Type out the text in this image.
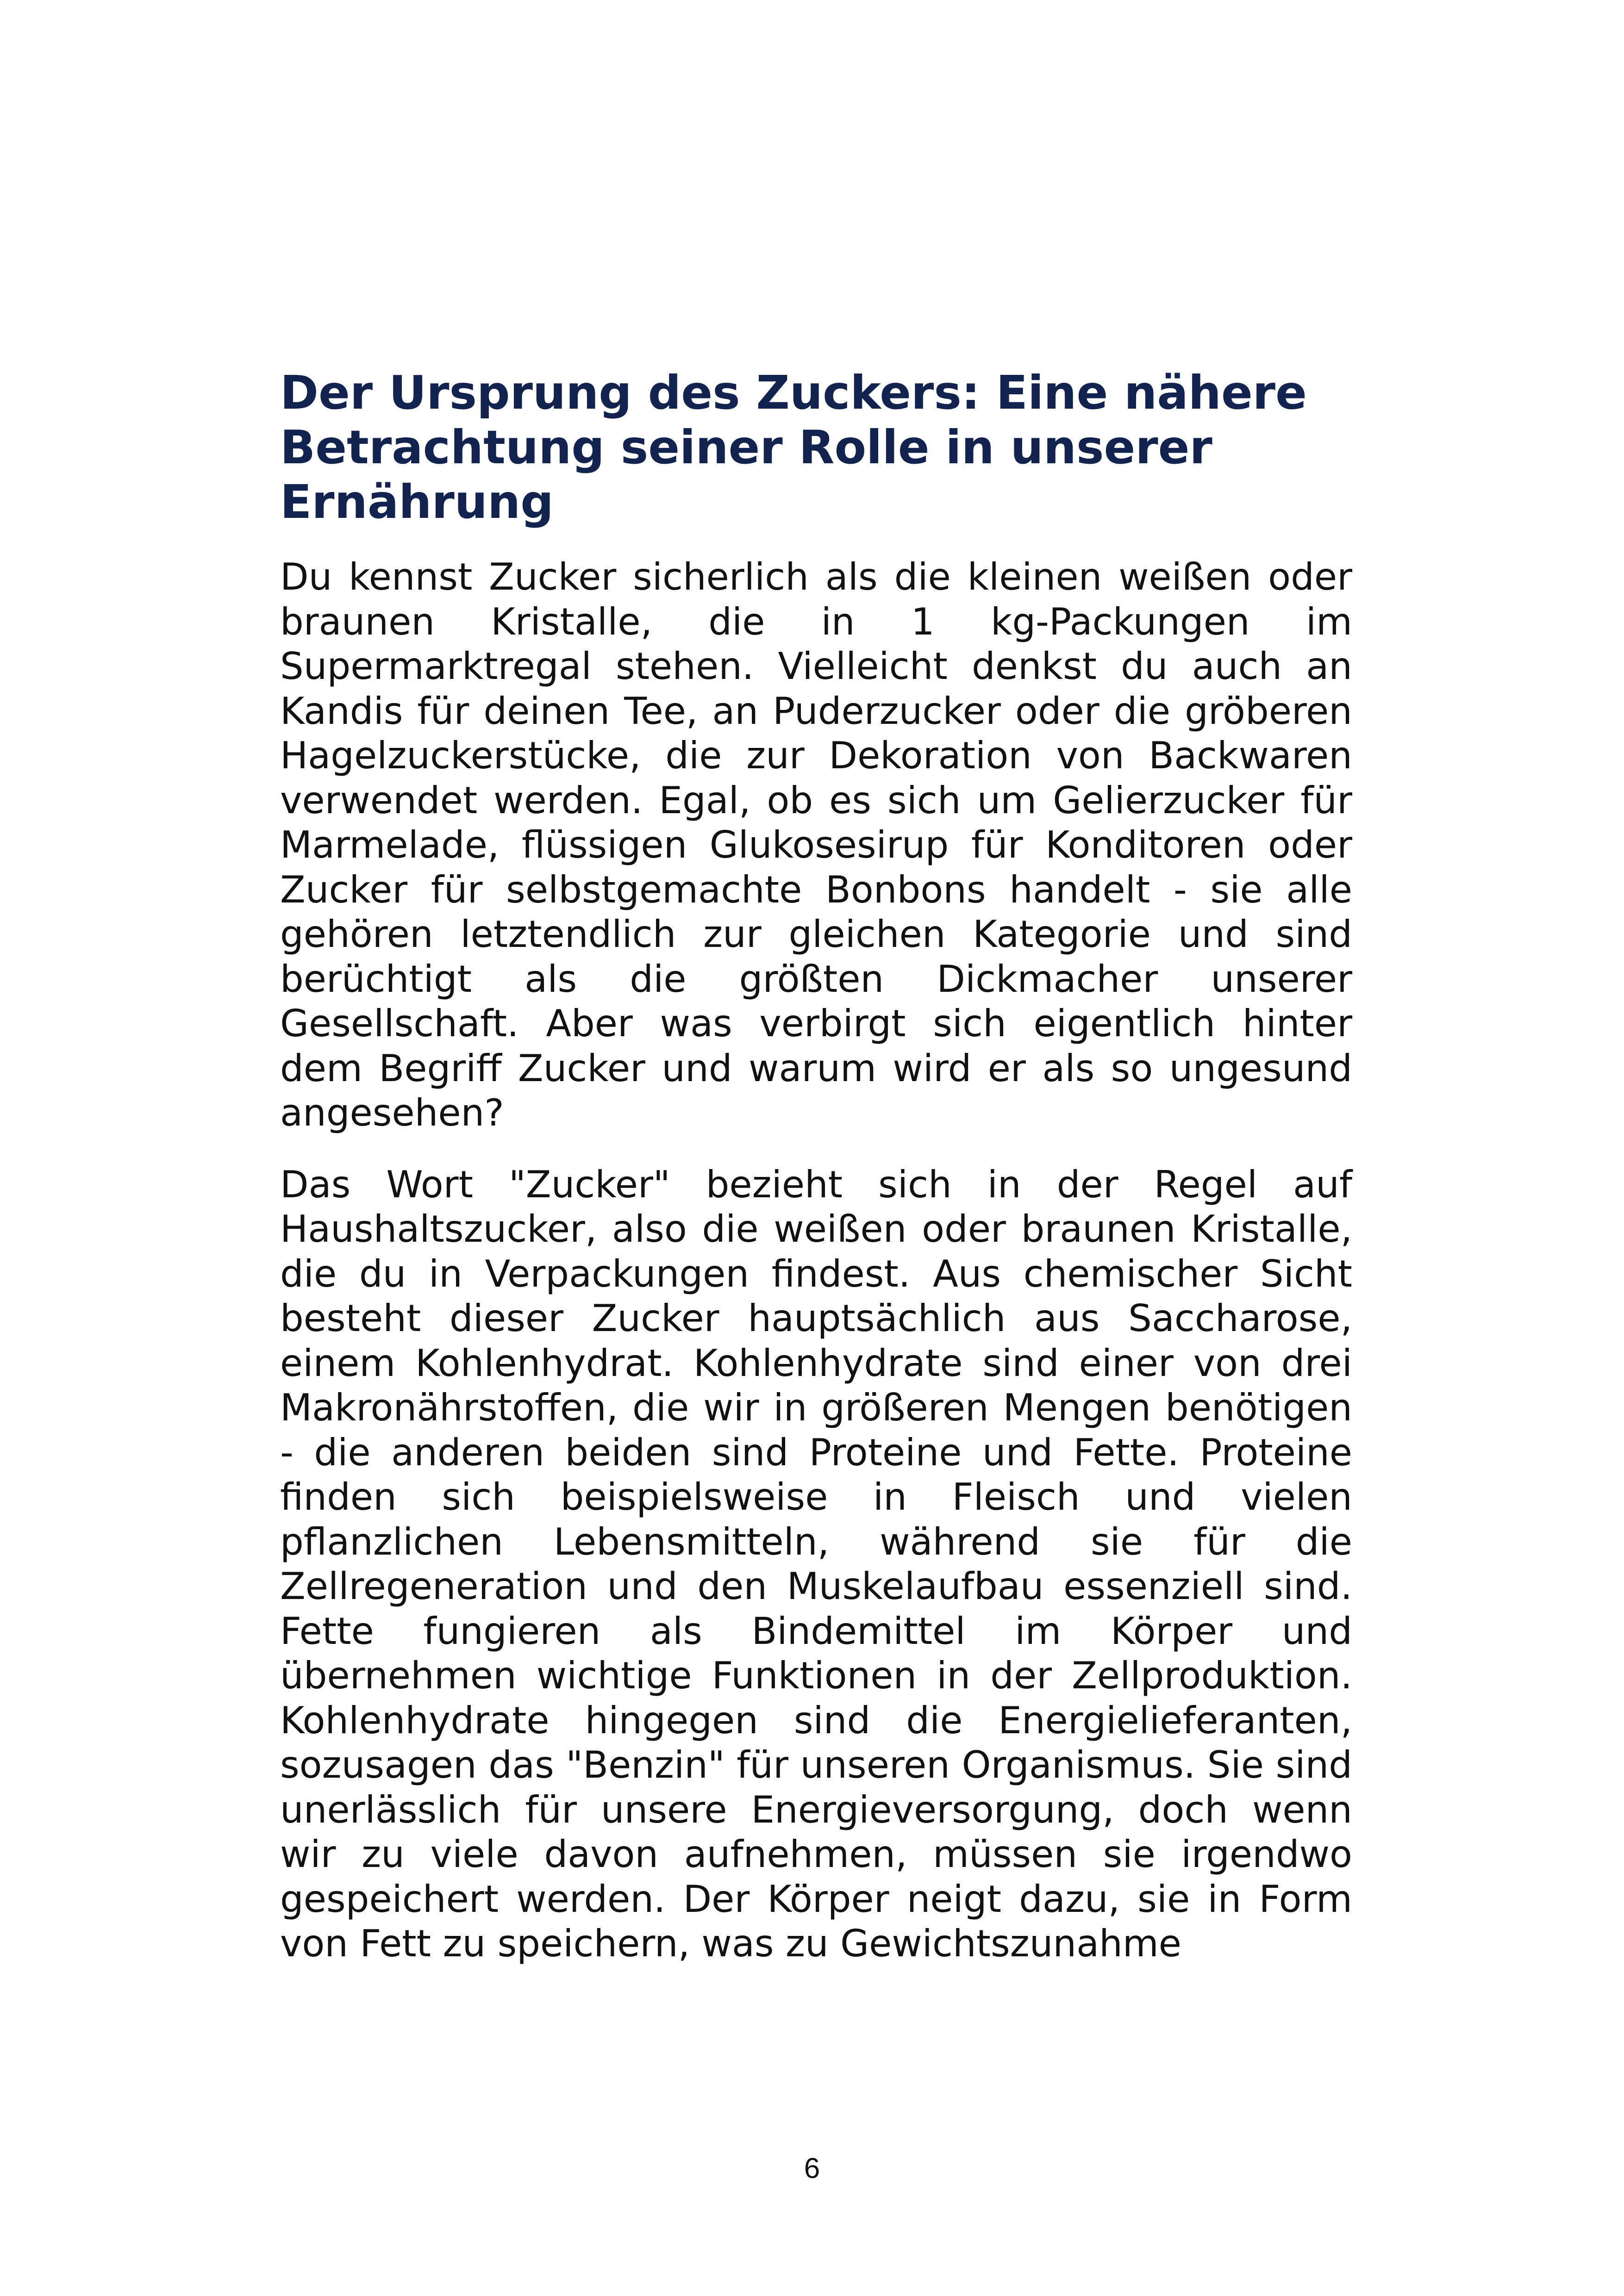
Der Ursprung des Zuckers: Eine nähere Betrachtung seiner Rolle in unserer Ernährung

Du kennst Zucker sicherlich als die kleinen weißen oder braunen Kristalle, die in 1 kg-Packungen im Supermarktregal stehen. Vielleicht denkst du auch an Kandis für deinen Tee, an Puderzucker oder die gröberen Hagelzuckerstücke, die zur Dekoration von Backwaren verwendet werden. Egal, ob es sich um Gelierzucker für Marmelade, flüssigen Glukosesirup für Konditoren oder Zucker für selbstgemachte Bonbons handelt - sie alle gehören letztendlich zur gleichen Kategorie und sind berüchtigt als die größten Dickmacher unserer Gesellschaft. Aber was verbirgt sich eigentlich hinter dem Begriff Zucker und warum wird er als so ungesund angesehen?

Das Wort "Zucker" bezieht sich in der Regel auf Haushaltszucker, also die weißen oder braunen Kristalle, die du in Verpackungen findest. Aus chemischer Sicht besteht dieser Zucker hauptsächlich aus Saccharose, einem Kohlenhydrat. Kohlenhydrate sind einer von drei Makronährstoffen, die wir in größeren Mengen benötigen - die anderen beiden sind Proteine und Fette. Proteine finden sich beispielsweise in Fleisch und vielen pflanzlichen Lebensmitteln, während sie für die Zellregeneration und den Muskelaufbau essenziell sind. Fette fungieren als Bindemittel im Körper und übernehmen wichtige Funktionen in der Zellproduktion. Kohlenhydrate hingegen sind die Energielieferanten, sozusagen das "Benzin" für unseren Organismus. Sie sind unerlässlich für unsere Energieversorgung, doch wenn wir zu viele davon aufnehmen, müssen sie irgendwo gespeichert werden. Der Körper neigt dazu, sie in Form von Fett zu speichern, was zu Gewichtszunahme

6
